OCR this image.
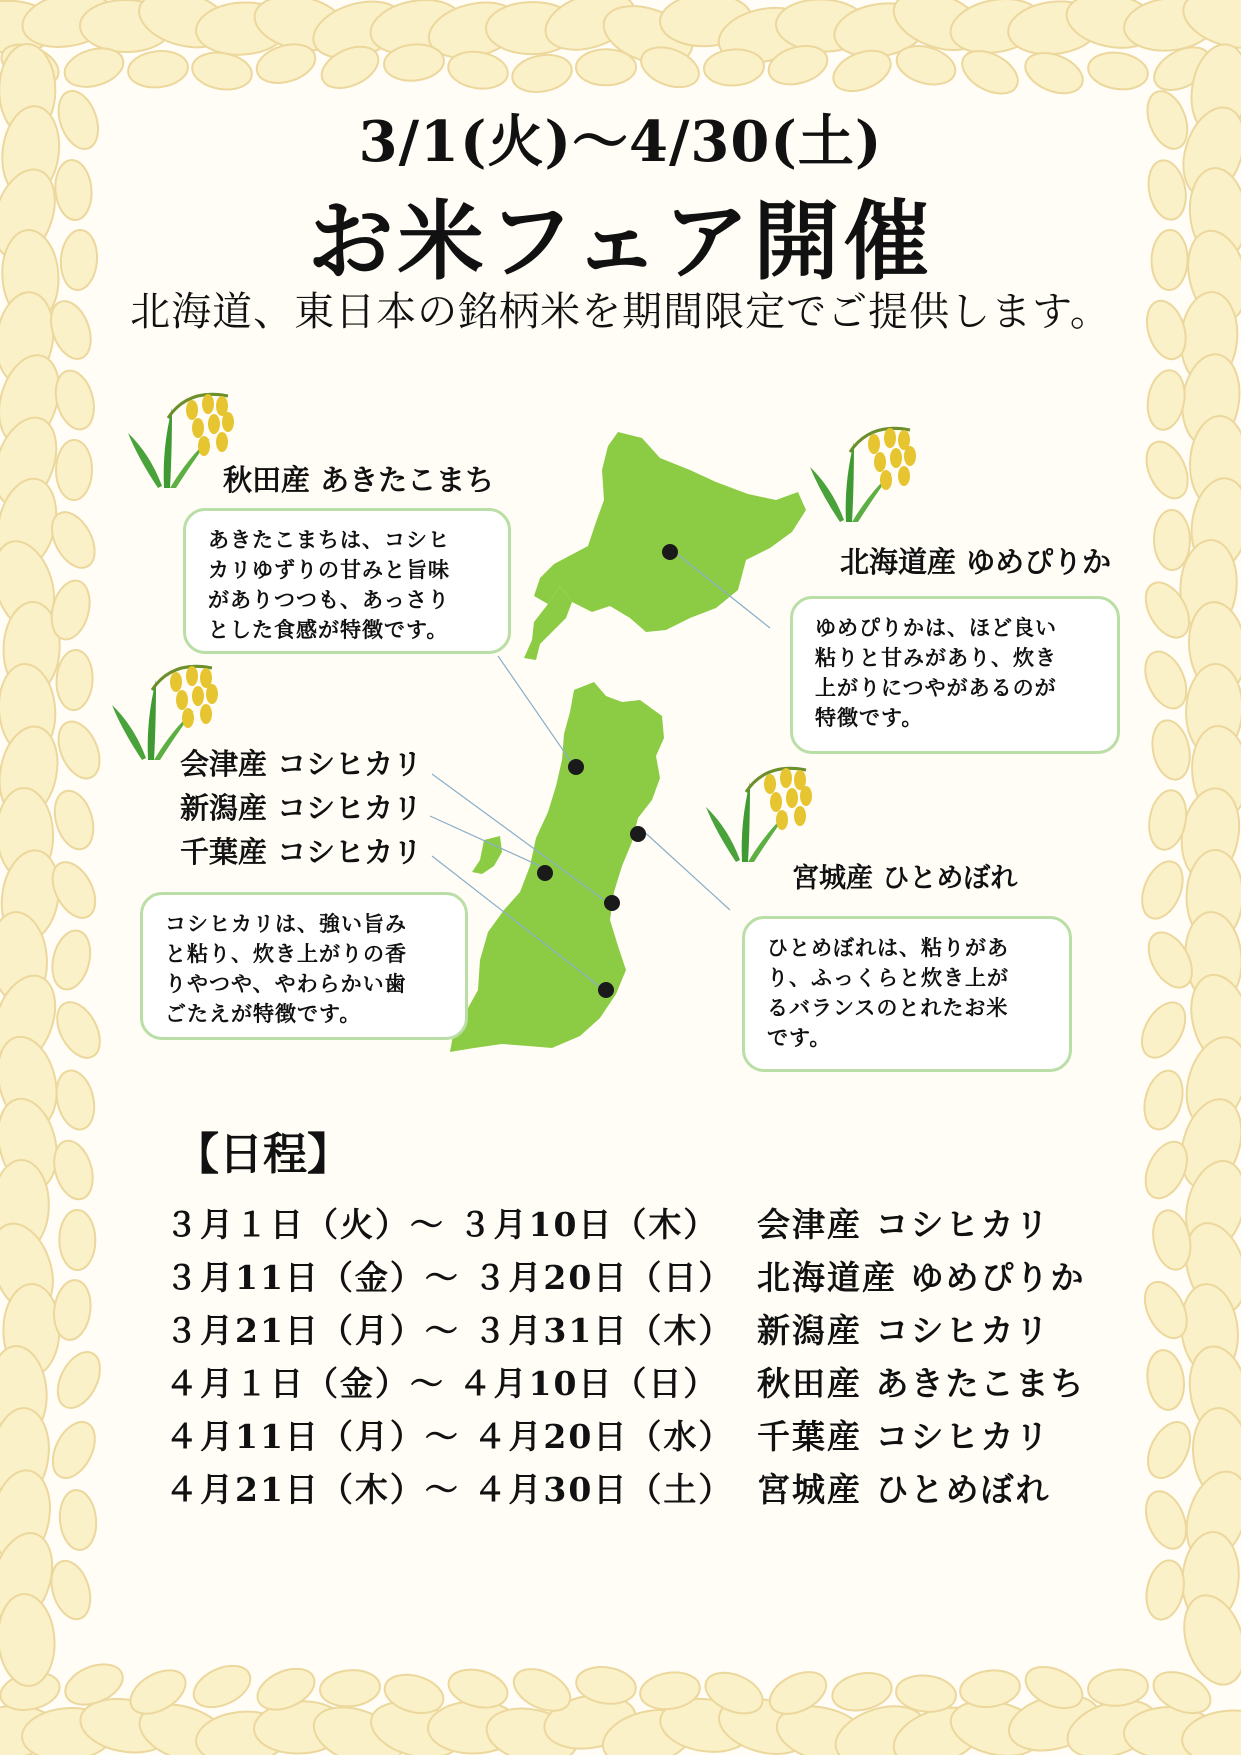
3/1(火)～4/30(土)
お米フェア開催
北海道、東日本の銘柄米を期間限定でご提供します。
秋田産 あきたこまち
あきたこまちは、コシヒ
カリゆずりの甘みと旨味
がありつつも、あっさり
とした食感が特徴です。
北海道産 ゆめぴりか
ゆめぴりかは、ほど良い
粘りと甘みがあり、炊き
上がりにつやがあるのが
特徴です。
会津産 コシヒカリ
新潟産 コシヒカリ
千葉産 コシヒカリ
コシヒカリは、強い旨み
と粘り、炊き上がりの香
りやつや、やわらかい歯
ごたえが特徴です。
宮城産 ひとめぼれ
ひとめぼれは、粘りがあ
り、ふっくらと炊き上が
るバランスのとれたお米
です。
【日程】
３月１日（火）～ ３月10日（木）	会津産 コシヒカリ
３月11日（金）～ ３月20日（日） 北海道産 ゆめぴりか
３月21日（月）～ ３月31日（木） 新潟産 コシヒカリ
４月１日（金）～ ４月10日（日）	秋田産 あきたこまち
４月11日（月）～ ４月20日（水） 千葉産 コシヒカリ
４月21日（木）～ ４月30日（土） 宮城産 ひとめぼれ
